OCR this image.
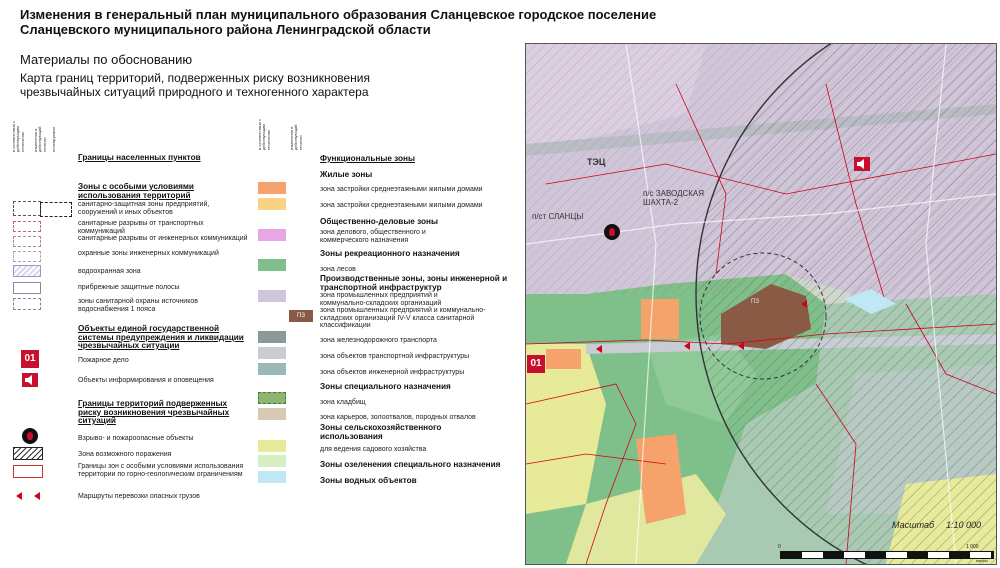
Изменения в генеральный план муниципального образования Сланцевское городское поселение Сланцевского муниципального района Ленинградской области
Материалы по обоснованию
Карта границ территорий, подверженных риску возникновения чрезвычайных ситуаций природного и техногенного характера
в соответствии с действующим генпланом изменения в действующий генплан планируемые
Границы населенных пунктов
Зоны с особыми условиями использования территорий
санитарно-защитная зоны предприятий, сооружений и иных объектов
санитарные разрывы от транспортных коммуникаций
санитарные разрывы от инженерных коммуникаций
охранные зоны инженерных коммуникаций
водоохранная зона
прибрежные защитные полосы
зоны санитарной охраны источников водоснабжения 1 пояса
Объекты единой государственной системы предупреждения и ликвидации чрезвычайных ситуации
01	Пожарное дело
Объекты информирования и оповещения
Границы территорий подверженных риску возникновения чрезвычайных ситуаций
Взрыво- и пожароопасные объекты
Зона возможного поражения
Границы зон с особыми условиями использования территории по горно-геологическим ограничениям
Маршруты перевозки опасных грузов
в соответствии с действующим генпланом	изменения в действующий генплан
Функциональные зоны
Жилые зоны
зона застройки среднеэтажными жилыми домами
зона застройки среднеэтажными жилыми домами
Общественно-деловые зоны
зона делового, общественного и коммерческого назначения
Зоны рекреационного назначения
зона лесов
Производственные зоны, зоны инженерной и транспортной инфраструктур
зона промышленных предприятий и коммунально-складских организаций
ПЗ
зона промышленных предприятий и коммунально-складских организаций IV-V класса санитарной классификации
зона железнодорожного транспорта
зона объектов транспортной инфраструктуры
зона объектов инженерной инфраструктуры
Зоны специального назначения
зона кладбищ
зона карьеров, золоотвалов, породных отвалов
Зоны сельскохозяйственного использования
для ведения садового хозяйства
Зоны озеленения специального назначения
Зоны водных объектов
ТЭЦ
п/с ЗАВОДСКАЯ ШАХТА-2
п/ст СЛАНЦЫ
01
ПЗ
Масштаб 1:10 000
0	1 000
метры
